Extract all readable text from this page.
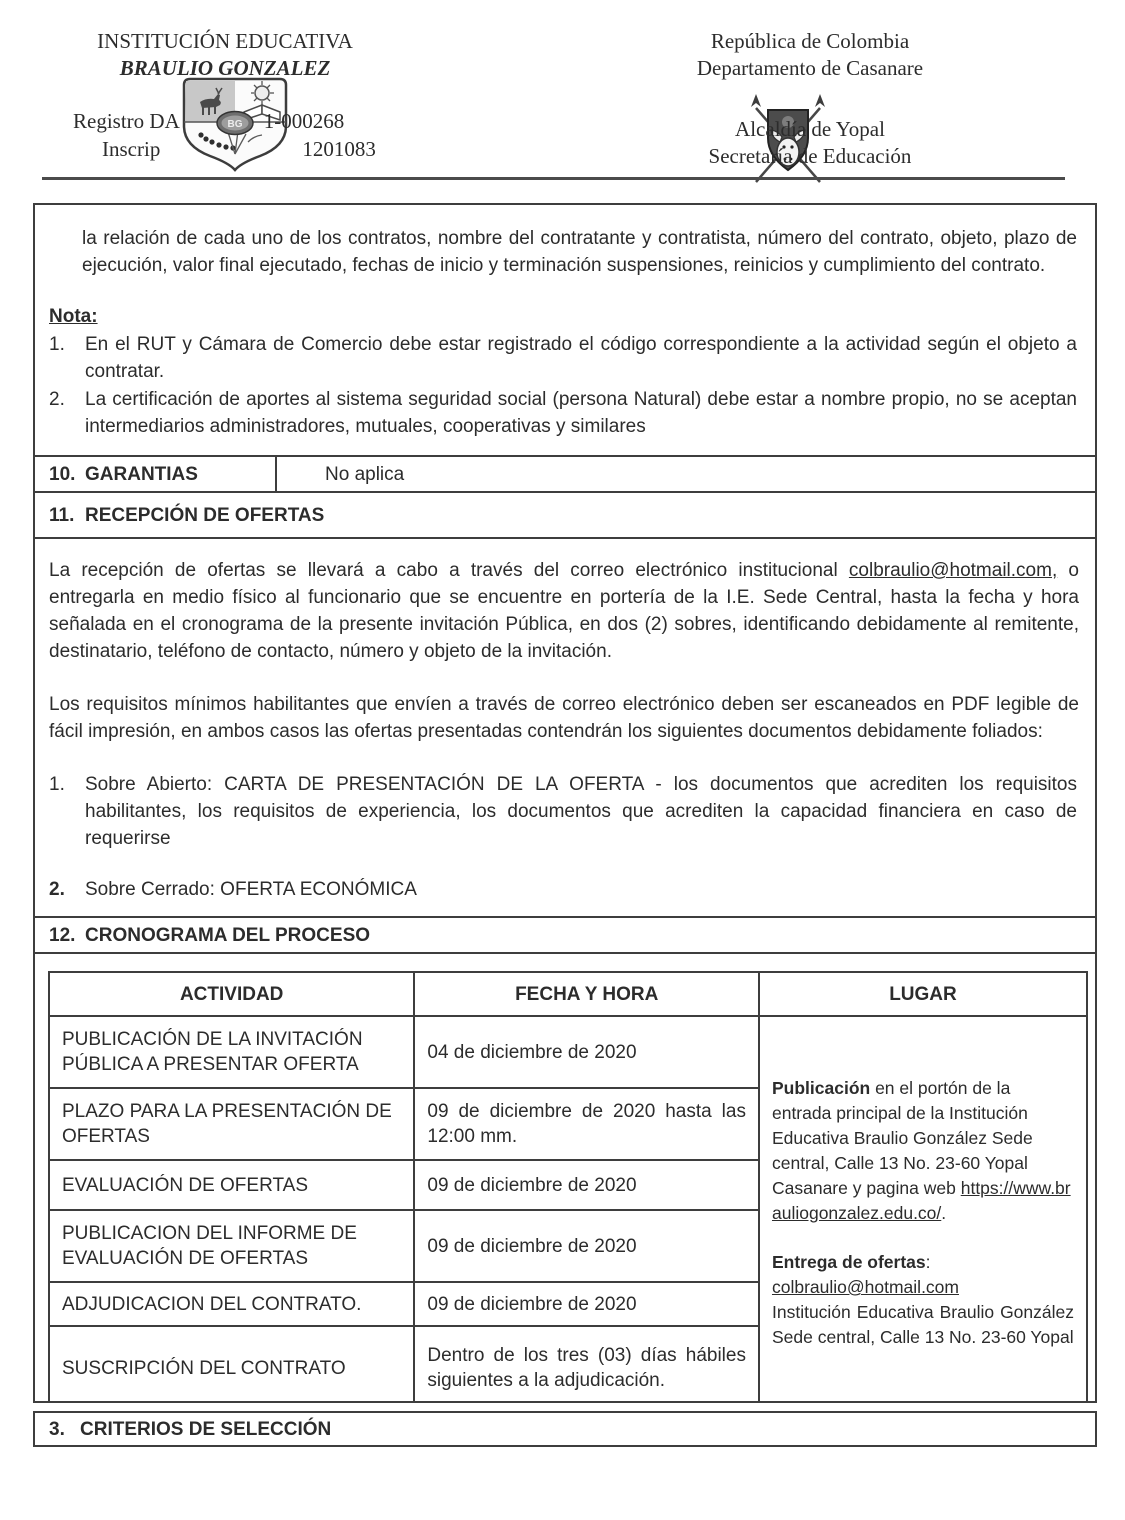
BG
INSTITUCIÓN EDUCATIVA
BRAULIO GONZALEZ
Registro DA	1-000268
Inscrip	1201083
República de Colombia
Departamento de Casanare
Alcaldía de Yopal
Secretaría de Educación

la relación de cada uno de los contratos, nombre del contratante y contratista, número del contrato, objeto, plazo de ejecución, valor final ejecutado, fechas de inicio y terminación suspensiones, reinicios y cumplimiento del contrato.

Nota:
1.	En el RUT y Cámara de Comercio debe estar registrado el código correspondiente a la actividad según el objeto a contratar.
2.	La certificación de aportes al sistema seguridad social (persona Natural) debe estar a nombre propio, no se aceptan intermediarios administradores, mutuales, cooperativas y similares
10. GARANTIAS	No aplica
11. RECEPCIÓN DE OFERTAS

La recepción de ofertas se llevará a cabo a través del correo electrónico institucional colbraulio@hotmail.com, o entregarla en medio físico al funcionario que se encuentre en portería de la I.E. Sede Central, hasta la fecha y hora señalada en el cronograma de la presente invitación Pública, en dos (2) sobres, identificando debidamente al remitente, destinatario, teléfono de contacto, número y objeto de la invitación.

Los requisitos mínimos habilitantes que envíen a través de correo electrónico deben ser escaneados en PDF legible de fácil impresión, en ambos casos las ofertas presentadas contendrán los siguientes documentos debidamente foliados:

1.	Sobre Abierto: CARTA DE PRESENTACIÓN DE LA OFERTA - los documentos que acrediten los requisitos habilitantes, los requisitos de experiencia, los documentos que acrediten la capacidad financiera en caso de requerirse
2.	Sobre Cerrado: OFERTA ECONÓMICA
12. CRONOGRAMA DEL PROCESO
ACTIVIDAD	FECHA Y HORA	LUGAR
PUBLICACIÓN DE LA INVITACIÓN PÚBLICA A PRESENTAR OFERTA	04 de diciembre de 2020	Publicación en el portón de la entrada principal de la Institución Educativa Braulio González Sede central, Calle 13 No. 23-60 Yopal Casanare y pagina web https://www.brauliogonzalez.edu.co/.
Entrega de ofertas:
colbraulio@hotmail.com
Institución Educativa Braulio González Sede central, Calle 13 No. 23-60 Yopal

PLAZO PARA LA PRESENTACIÓN DE OFERTAS	09 de diciembre de 2020 hasta las 12:00 mm.	
EVALUACIÓN DE OFERTAS	09 de diciembre de 2020	
PUBLICACION DEL INFORME DE EVALUACIÓN DE OFERTAS	09 de diciembre de 2020	
ADJUDICACION DEL CONTRATO.	09 de diciembre de 2020	
SUSCRIPCIÓN DEL CONTRATO	Dentro de los tres (03) días hábiles siguientes a la adjudicación.	
3. CRITERIOS DE SELECCIÓN
